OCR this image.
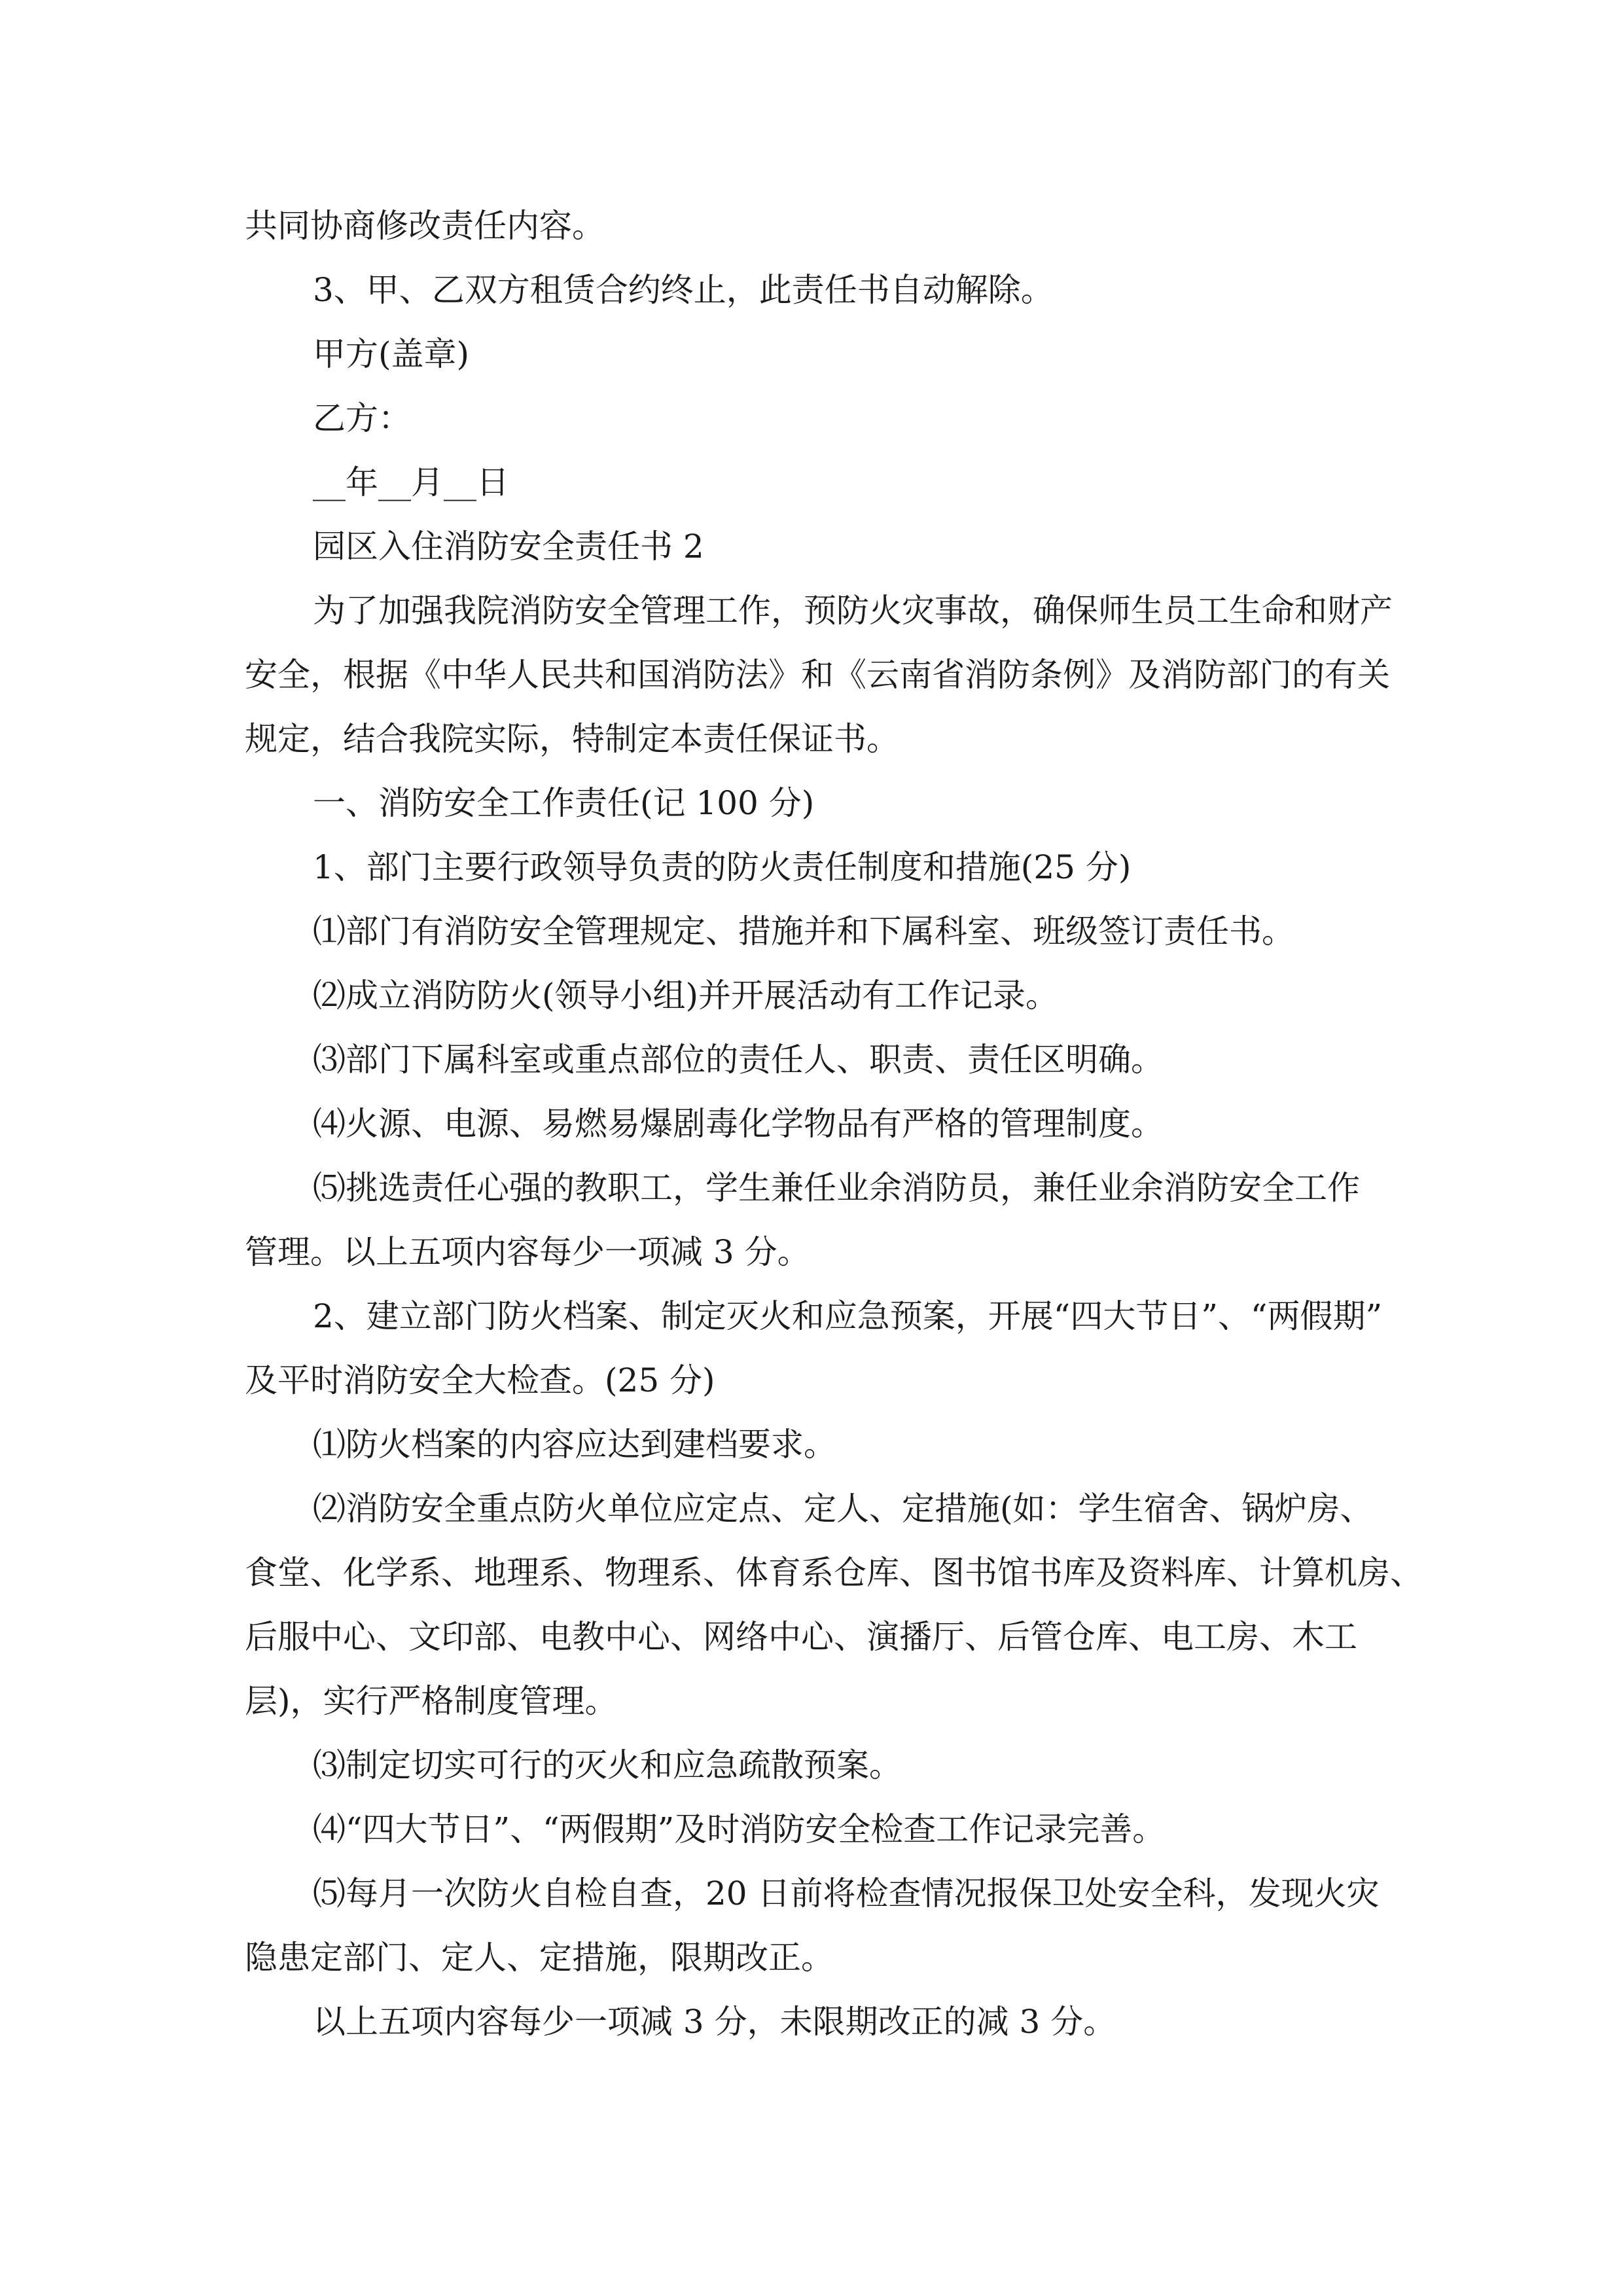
共同协商修改责任内容。
3、甲、乙双方租赁合约终止，此责任书自动解除。
甲方(盖章)
乙方：
__年__月__日
园区入住消防安全责任书 2
为了加强我院消防安全管理工作，预防火灾事故，确保师生员工生命和财产
安全，根据《中华人民共和国消防法》和《云南省消防条例》及消防部门的有关
规定，结合我院实际，特制定本责任保证书。
一、消防安全工作责任(记 100 分)
1、部门主要行政领导负责的防火责任制度和措施(25 分)
⑴部门有消防安全管理规定、措施并和下属科室、班级签订责任书。
⑵成立消防防火(领导小组)并开展活动有工作记录。
⑶部门下属科室或重点部位的责任人、职责、责任区明确。
⑷火源、电源、易燃易爆剧毒化学物品有严格的管理制度。
⑸挑选责任心强的教职工，学生兼任业余消防员，兼任业余消防安全工作
管理。以上五项内容每少一项减 3 分。
2、建立部门防火档案、制定灭火和应急预案，开展“四大节日”、“两假期”
及平时消防安全大检查。(25 分)
⑴防火档案的内容应达到建档要求。
⑵消防安全重点防火单位应定点、定人、定措施(如：学生宿舍、锅炉房、
食堂、化学系、地理系、物理系、体育系仓库、图书馆书库及资料库、计算机房、
后服中心、文印部、电教中心、网络中心、演播厅、后管仓库、电工房、木工
层)，实行严格制度管理。
⑶制定切实可行的灭火和应急疏散预案。
⑷“四大节日”、“两假期”及时消防安全检查工作记录完善。
⑸每月一次防火自检自查，20 日前将检查情况报保卫处安全科，发现火灾
隐患定部门、定人、定措施，限期改正。
以上五项内容每少一项减 3 分，未限期改正的减 3 分。
